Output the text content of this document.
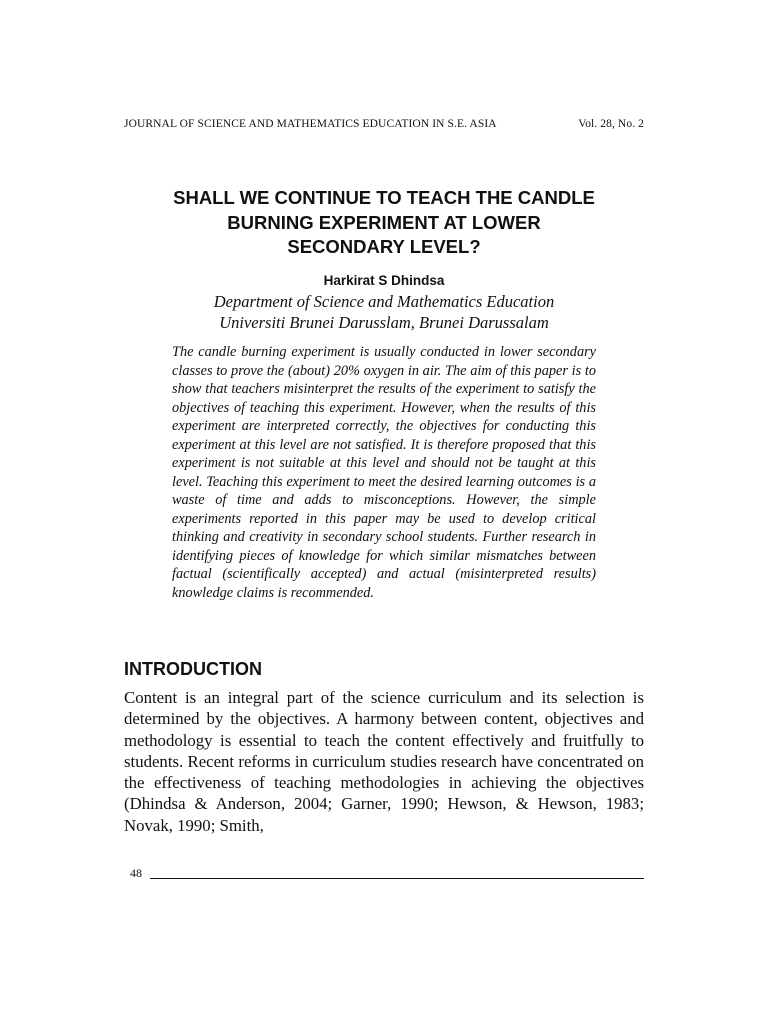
JOURNAL OF SCIENCE AND MATHEMATICS EDUCATION IN S.E. ASIA	Vol. 28, No. 2
SHALL WE CONTINUE TO TEACH THE CANDLE
BURNING EXPERIMENT AT LOWER
SECONDARY LEVEL?
Harkirat S Dhindsa
Department of Science and Mathematics Education
Universiti Brunei Darusslam, Brunei Darussalam

The candle burning experiment is usually conducted in lower secondary classes to prove the (about) 20% oxygen in air. The aim of this paper is to show that teachers misinterpret the results of the experiment to satisfy the objectives of teaching this experiment. However, when the results of this experiment are interpreted correctly, the objectives for conducting this experiment at this level are not satisfied. It is therefore proposed that this experiment is not suitable at this level and should not be taught at this level. Teaching this experiment to meet the desired learning outcomes is a waste of time and adds to misconceptions. However, the simple experiments reported in this paper may be used to develop critical thinking and creativity in secondary school students. Further research in identifying pieces of knowledge for which similar mismatches between factual (scientifically accepted) and actual (misinterpreted results) knowledge claims is recommended.

INTRODUCTION

Content is an integral part of the science curriculum and its selection is determined by the objectives. A harmony between content, objectives and methodology is essential to teach the content effectively and fruitfully to students. Recent reforms in curriculum studies research have concentrated on the effectiveness of teaching methodologies in achieving the objectives (Dhindsa & Anderson, 2004; Garner, 1990; Hewson, & Hewson, 1983; Novak, 1990; Smith,

48
